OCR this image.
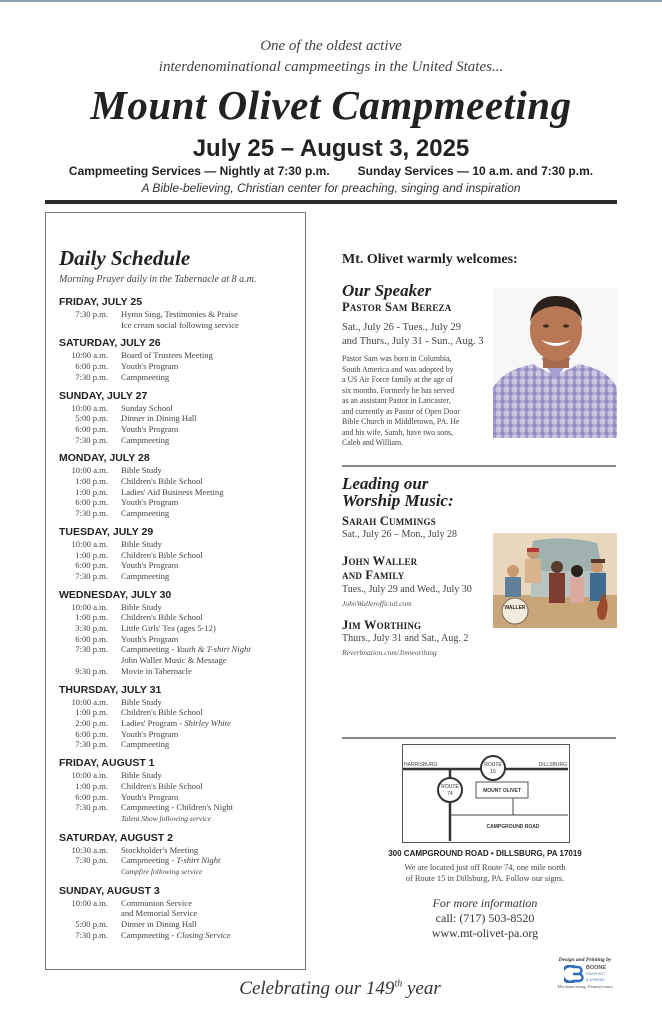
One of the oldest active
interdenominational campmeetings in the United States...
Mount Olivet Campmeeting
July 25 – August 3, 2025
Campmeeting Services — Nightly at 7:30 p.m. Sunday Services — 10 a.m. and 7:30 p.m.
A Bible-believing, Christian center for preaching, singing and inspiration
Daily Schedule
Morning Prayer daily in the Tabernacle at 8 a.m.
FRIDAY, JULY 25
7:30 p.m.	Hymn Sing, Testimonies & Praise
Ice cream social following service
SATURDAY, JULY 26
10:00 a.m.	Board of Trustees Meeting
6:00 p.m.	Youth's Program
7:30 p.m.	Campmeeting
SUNDAY, JULY 27
10:00 a.m.	Sunday School
5:00 p.m.	Dinner in Dining Hall
6:00 p.m.	Youth's Program
7:30 p.m.	Campmeeting
MONDAY, JULY 28
10:00 a.m.	Bible Study
1:00 p.m.	Children's Bible School
1:00 p.m.	Ladies' Aid Business Meeting
6:00 p.m.	Youth's Program
7:30 p.m.	Campmeeting
TUESDAY, JULY 29
10:00 a.m.	Bible Study
1:00 p.m.	Children's Bible School
6:00 p.m.	Youth's Program
7:30 p.m.	Campmeeting
WEDNESDAY, JULY 30
10:00 a.m.	Bible Study
1:00 p.m.	Children's Bible School
3:30 p.m.	Little Girls' Tea (ages 5-12)
6:00 p.m.	Youth's Program
7:30 p.m.	Campmeeting - Youth & T-shirt Night
John Waller Music & Message
9:30 p.m.	Movie in Tabernacle
THURSDAY, JULY 31
10:00 a.m.	Bible Study
1:00 p.m.	Children's Bible School
2:00 p.m.	Ladies' Program - Shirley White
6:00 p.m.	Youth's Program
7:30 p.m.	Campmeeting
FRIDAY, AUGUST 1
10:00 a.m.	Bible Study
1:00 p.m.	Children's Bible School
6:00 p.m.	Youth's Program
7:30 p.m.	Campmeeting - Children's Night
Talent Show following service
SATURDAY, AUGUST 2
10:30 a.m.	Stockholder's Meeting
7:30 p.m.	Campmeeting - T-shirt Night
Campfire following service
SUNDAY, AUGUST 3
10:00 a.m.	Communion Service
and Memorial Service
5:00 p.m.	Dinner in Dining Hall
7:30 p.m.	Campmeeting - Closing Service
Mt. Olivet warmly welcomes:
Our Speaker
Pastor Sam Bereza
Sat., July 26 - Tues., July 29
and Thurs., July 31 - Sun., Aug. 3
Pastor Sam was born in Columbia,
South America and was adopted by
a US Air Force family at the age of
six months. Formerly he has served
as an assistant Pastor in Lancaster,
and currently as Pastor of Open Door
Bible Church in Middletown, PA. He
and his wife, Sarah, have two sons,
Caleb and William.
Leading our
Worship Music:
Sarah Cummings
Sat., July 26 – Mon., July 28
John Waller
and Family
Tues., July 29 and Wed., July 30
JohnWallerofficial.com
Jim Worthing
Thurs., July 31 and Sat., Aug. 2
Reverbnation.com/Jimworthing
WALLER
HARRISBURG	DILLSBURG
ROUTE
15
ROUTE
74	MOUNT OLIVET
CAMPGROUND ROAD
300 CAMPGROUND ROAD • DILLSBURG, PA 17019
We are located just off Route 74, one mile north
of Route 15 in Dillsburg, PA. Follow our signs.
For more information
call: (717) 503-8520
www.mt-olivet-pa.org
Celebrating our 149th year
Design and Printing by
BOONE
GRAPHICS
& APPAREL
Mechanicsburg, Pennsylvania
